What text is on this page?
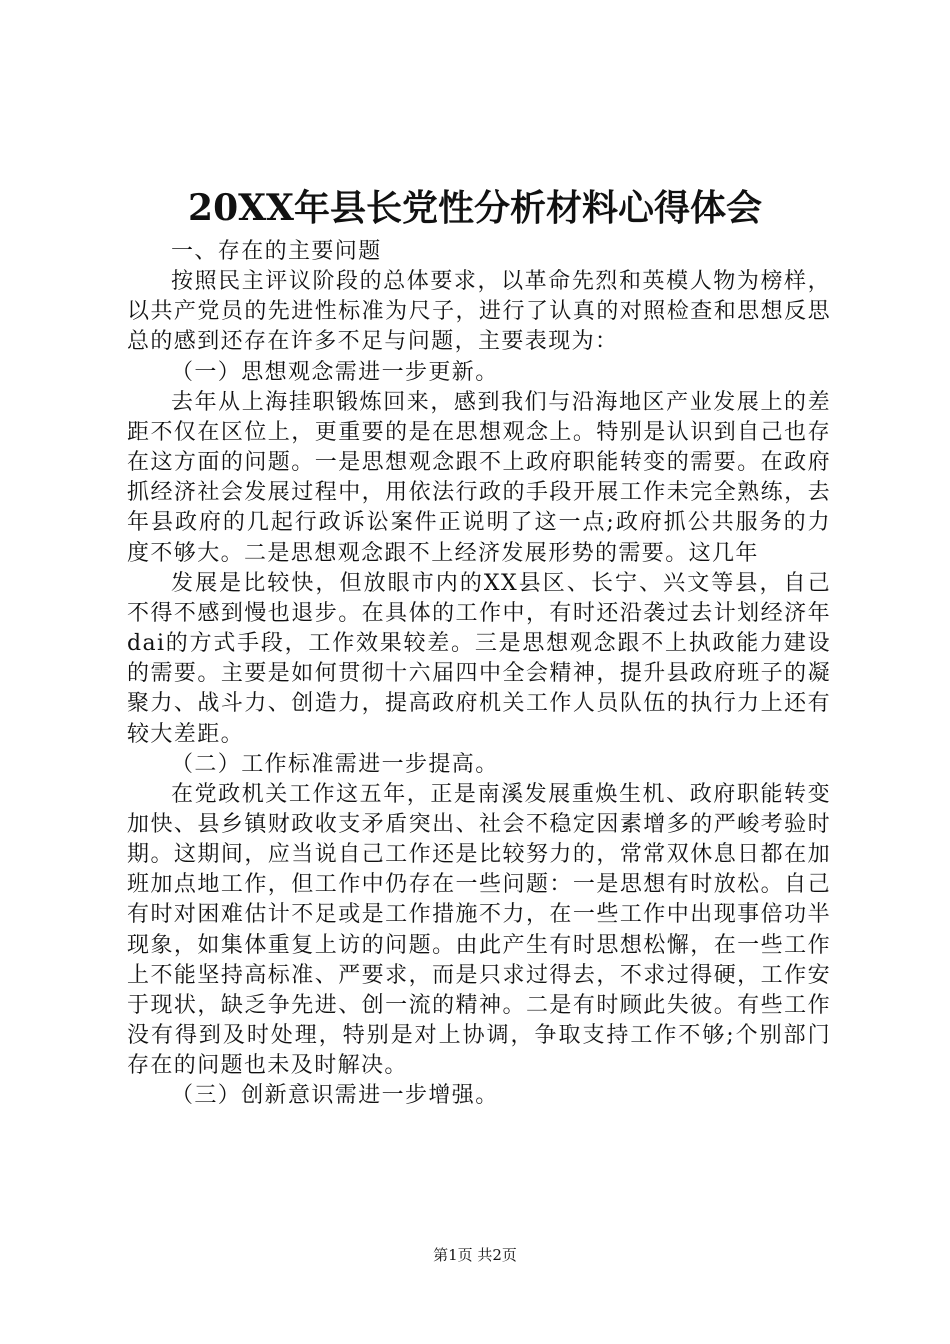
20XX年县长党性分析材料心得体会

一、存在的主要问题

按照民主评议阶段的总体要求，以革命先烈和英模人物为榜样，以共产党员的先进性标准为尺子，进行了认真的对照检查和思想反思总的感到还存在许多不足与问题，主要表现为：

（一）思想观念需进一步更新。

去年从上海挂职锻炼回来，感到我们与沿海地区产业发展上的差距不仅在区位上，更重要的是在思想观念上。特别是认识到自己也存在这方面的问题。一是思想观念跟不上政府职能转变的需要。在政府抓经济社会发展过程中，用依法行政的手段开展工作未完全熟练，去年县政府的几起行政诉讼案件正说明了这一点;政府抓公共服务的力度不够大。二是思想观念跟不上经济发展形势的需要。这几年

发展是比较快，但放眼市内的XX县区、长宁、兴文等县，自己不得不感到慢也退步。在具体的工作中，有时还沿袭过去计划经济年dai的方式手段，工作效果较差。三是思想观念跟不上执政能力建设的需要。主要是如何贯彻十六届四中全会精神，提升县政府班子的凝聚力、战斗力、创造力，提高政府机关工作人员队伍的执行力上还有较大差距。

（二）工作标准需进一步提高。

在党政机关工作这五年，正是南溪发展重焕生机、政府职能转变加快、县乡镇财政收支矛盾突出、社会不稳定因素增多的严峻考验时期。这期间，应当说自己工作还是比较努力的，常常双休息日都在加班加点地工作，但工作中仍存在一些问题：一是思想有时放松。自己有时对困难估计不足或是工作措施不力，在一些工作中出现事倍功半现象，如集体重复上访的问题。由此产生有时思想松懈，在一些工作上不能坚持高标准、严要求，而是只求过得去，不求过得硬，工作安于现状，缺乏争先进、创一流的精神。二是有时顾此失彼。有些工作没有得到及时处理，特别是对上协调，争取支持工作不够;个别部门存在的问题也未及时解决。

（三）创新意识需进一步增强。

第1页 共2页
